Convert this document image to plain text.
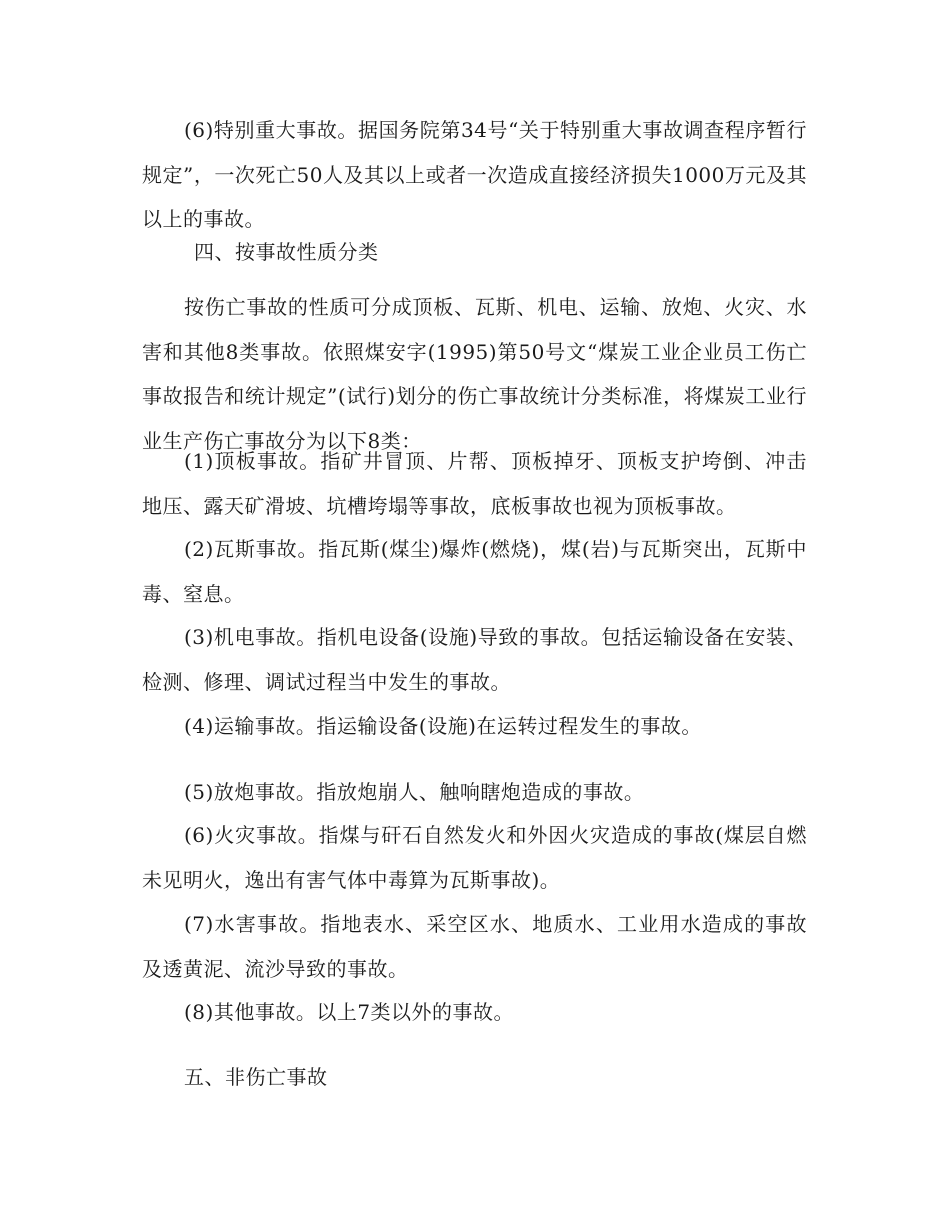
(6)特别重大事故。据国务院第34号“关于特别重大事故调查程序暂行规定”，一次死亡50人及其以上或者一次造成直接经济损失1000万元及其以上的事故。

四、按事故性质分类

按伤亡事故的性质可分成顶板、瓦斯、机电、运输、放炮、火灾、水害和其他8类事故。依照煤安字(1995)第50号文“煤炭工业企业员工伤亡事故报告和统计规定”(试行)划分的伤亡事故统计分类标准，将煤炭工业行业生产伤亡事故分为以下8类：

(1)顶板事故。指矿井冒顶、片帮、顶板掉牙、顶板支护垮倒、冲击地压、露天矿滑坡、坑槽垮塌等事故，底板事故也视为顶板事故。

(2)瓦斯事故。指瓦斯(煤尘)爆炸(燃烧)，煤(岩)与瓦斯突出，瓦斯中毒、窒息。

(3)机电事故。指机电设备(设施)导致的事故。包括运输设备在安装、检测、修理、调试过程当中发生的事故。

(4)运输事故。指运输设备(设施)在运转过程发生的事故。

(5)放炮事故。指放炮崩人、触响瞎炮造成的事故。

(6)火灾事故。指煤与矸石自然发火和外因火灾造成的事故(煤层自燃未见明火，逸出有害气体中毒算为瓦斯事故)。

(7)水害事故。指地表水、采空区水、地质水、工业用水造成的事故及透黄泥、流沙导致的事故。

(8)其他事故。以上7类以外的事故。

五、非伤亡事故
